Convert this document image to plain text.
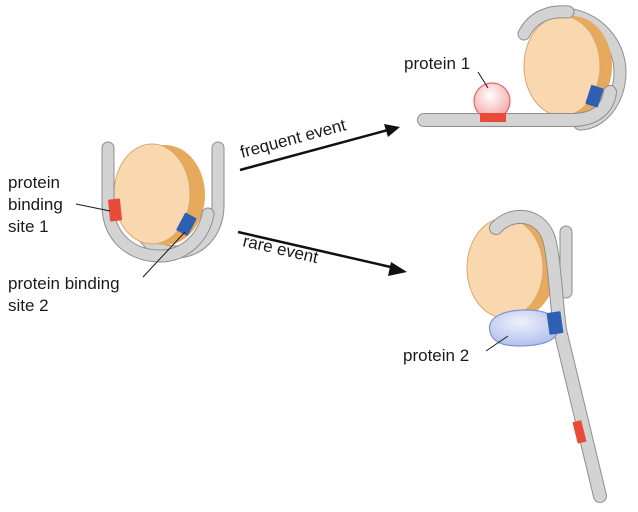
protein
binding
site 1
protein binding
site 2
frequent event
rare event
protein 1
protein 2
